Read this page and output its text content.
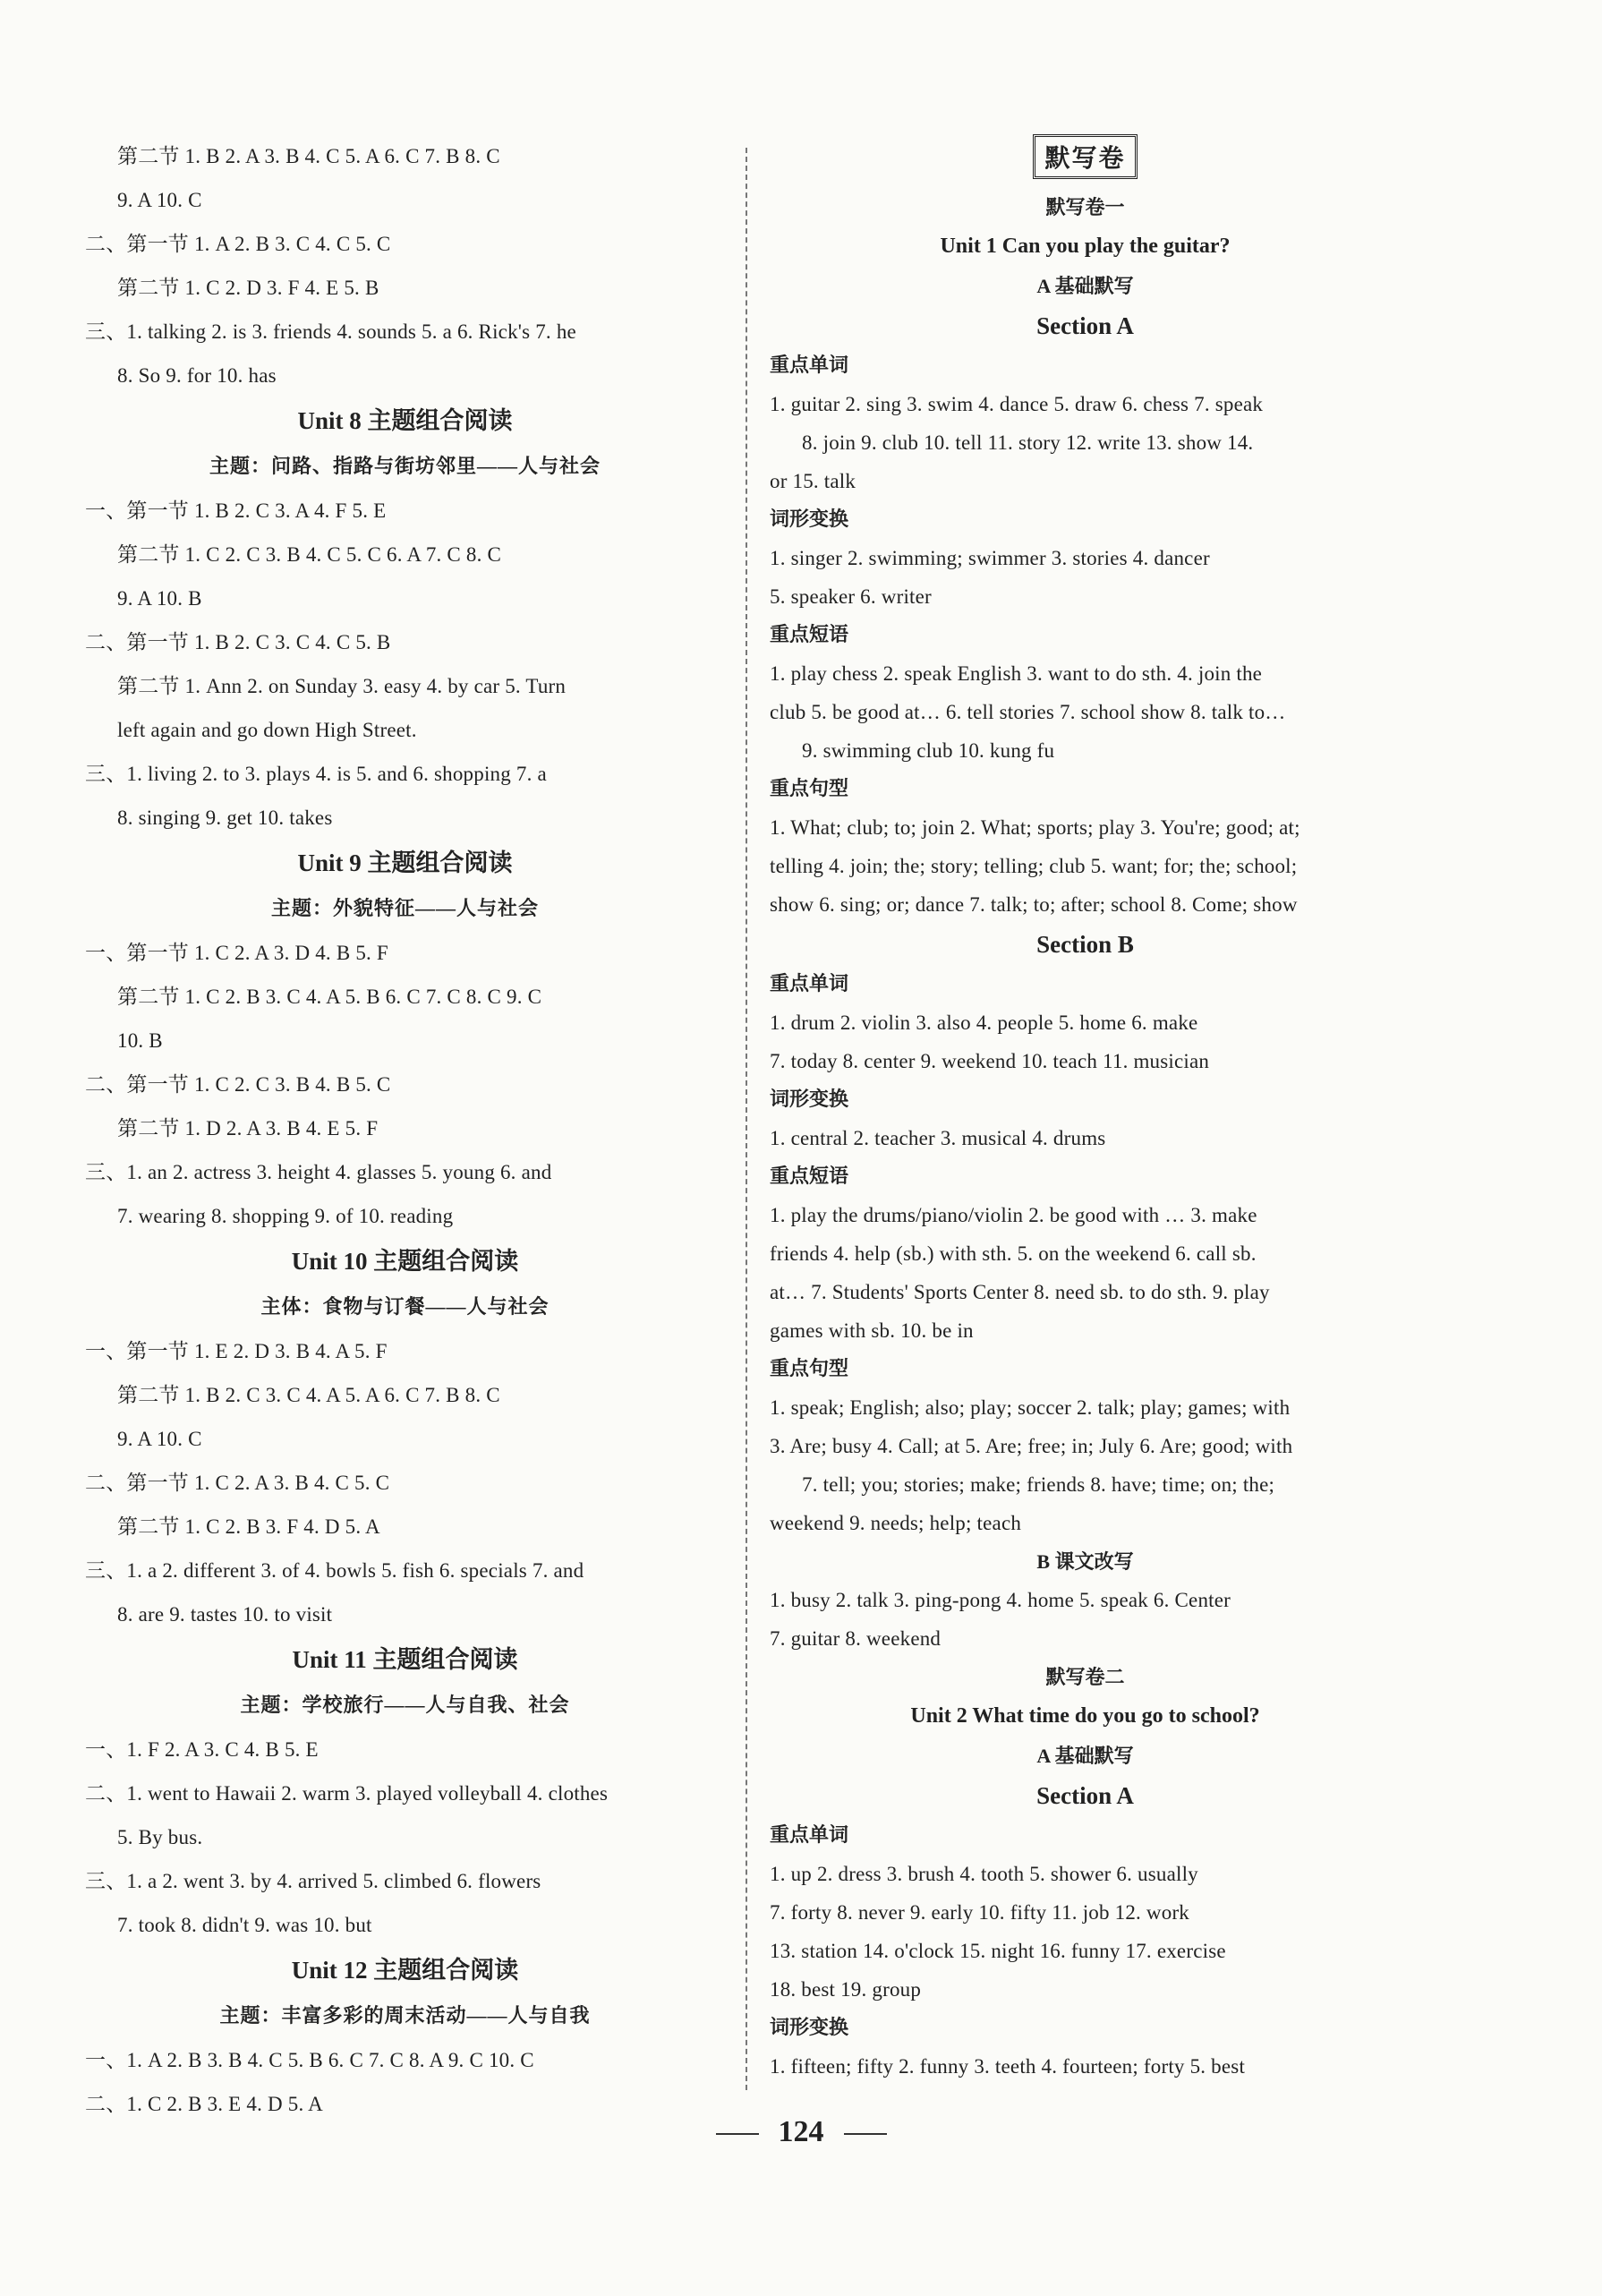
第二节 1. B 2. A 3. B 4. C 5. A 6. C 7. B 8. C
9. A 10. C
二、第一节 1. A 2. B 3. C 4. C 5. C
第二节 1. C 2. D 3. F 4. E 5. B
三、1. talking 2. is 3. friends 4. sounds 5. a 6. Rick's 7. he
8. So 9. for 10. has
Unit 8 主题组合阅读
主题：问路、指路与街坊邻里——人与社会
一、第一节 1. B 2. C 3. A 4. F 5. E
第二节 1. C 2. C 3. B 4. C 5. C 6. A 7. C 8. C
9. A 10. B
二、第一节 1. B 2. C 3. C 4. C 5. B
第二节 1. Ann 2. on Sunday 3. easy 4. by car 5. Turn
left again and go down High Street.
三、1. living 2. to 3. plays 4. is 5. and 6. shopping 7. a
8. singing 9. get 10. takes
Unit 9 主题组合阅读
主题：外貌特征——人与社会
一、第一节 1. C 2. A 3. D 4. B 5. F
第二节 1. C 2. B 3. C 4. A 5. B 6. C 7. C 8. C 9. C
10. B
二、第一节 1. C 2. C 3. B 4. B 5. C
第二节 1. D 2. A 3. B 4. E 5. F
三、1. an 2. actress 3. height 4. glasses 5. young 6. and
7. wearing 8. shopping 9. of 10. reading
Unit 10 主题组合阅读
主体：食物与订餐——人与社会
一、第一节 1. E 2. D 3. B 4. A 5. F
第二节 1. B 2. C 3. C 4. A 5. A 6. C 7. B 8. C
9. A 10. C
二、第一节 1. C 2. A 3. B 4. C 5. C
第二节 1. C 2. B 3. F 4. D 5. A
三、1. a 2. different 3. of 4. bowls 5. fish 6. specials 7. and
8. are 9. tastes 10. to visit
Unit 11 主题组合阅读
主题：学校旅行——人与自我、社会
一、1. F 2. A 3. C 4. B 5. E
二、1. went to Hawaii 2. warm 3. played volleyball 4. clothes
5. By bus.
三、1. a 2. went 3. by 4. arrived 5. climbed 6. flowers
7. took 8. didn't 9. was 10. but
Unit 12 主题组合阅读
主题：丰富多彩的周末活动——人与自我
一、1. A 2. B 3. B 4. C 5. B 6. C 7. C 8. A 9. C 10. C
二、1. C 2. B 3. E 4. D 5. A
默写卷
默写卷一
Unit 1 Can you play the guitar?
A 基础默写
Section A
重点单词
1. guitar 2. sing 3. swim 4. dance 5. draw 6. chess 7. speak
8. join 9. club 10. tell 11. story 12. write 13. show 14.
or 15. talk
词形变换
1. singer 2. swimming; swimmer 3. stories 4. dancer
5. speaker 6. writer
重点短语
1. play chess 2. speak English 3. want to do sth. 4. join the
club 5. be good at… 6. tell stories 7. school show 8. talk to…
9. swimming club 10. kung fu
重点句型
1. What; club; to; join 2. What; sports; play 3. You're; good; at;
telling 4. join; the; story; telling; club 5. want; for; the; school;
show 6. sing; or; dance 7. talk; to; after; school 8. Come; show
Section B
重点单词
1. drum 2. violin 3. also 4. people 5. home 6. make
7. today 8. center 9. weekend 10. teach 11. musician
词形变换
1. central 2. teacher 3. musical 4. drums
重点短语
1. play the drums/piano/violin 2. be good with … 3. make
friends 4. help (sb.) with sth. 5. on the weekend 6. call sb.
at… 7. Students' Sports Center 8. need sb. to do sth. 9. play
games with sb. 10. be in
重点句型
1. speak; English; also; play; soccer 2. talk; play; games; with
3. Are; busy 4. Call; at 5. Are; free; in; July 6. Are; good; with
7. tell; you; stories; make; friends 8. have; time; on; the;
weekend 9. needs; help; teach
B 课文改写
1. busy 2. talk 3. ping-pong 4. home 5. speak 6. Center
7. guitar 8. weekend
默写卷二
Unit 2 What time do you go to school?
A 基础默写
Section A
重点单词
1. up 2. dress 3. brush 4. tooth 5. shower 6. usually
7. forty 8. never 9. early 10. fifty 11. job 12. work
13. station 14. o'clock 15. night 16. funny 17. exercise
18. best 19. group
词形变换
1. fifteen; fifty 2. funny 3. teeth 4. fourteen; forty 5. best
124
